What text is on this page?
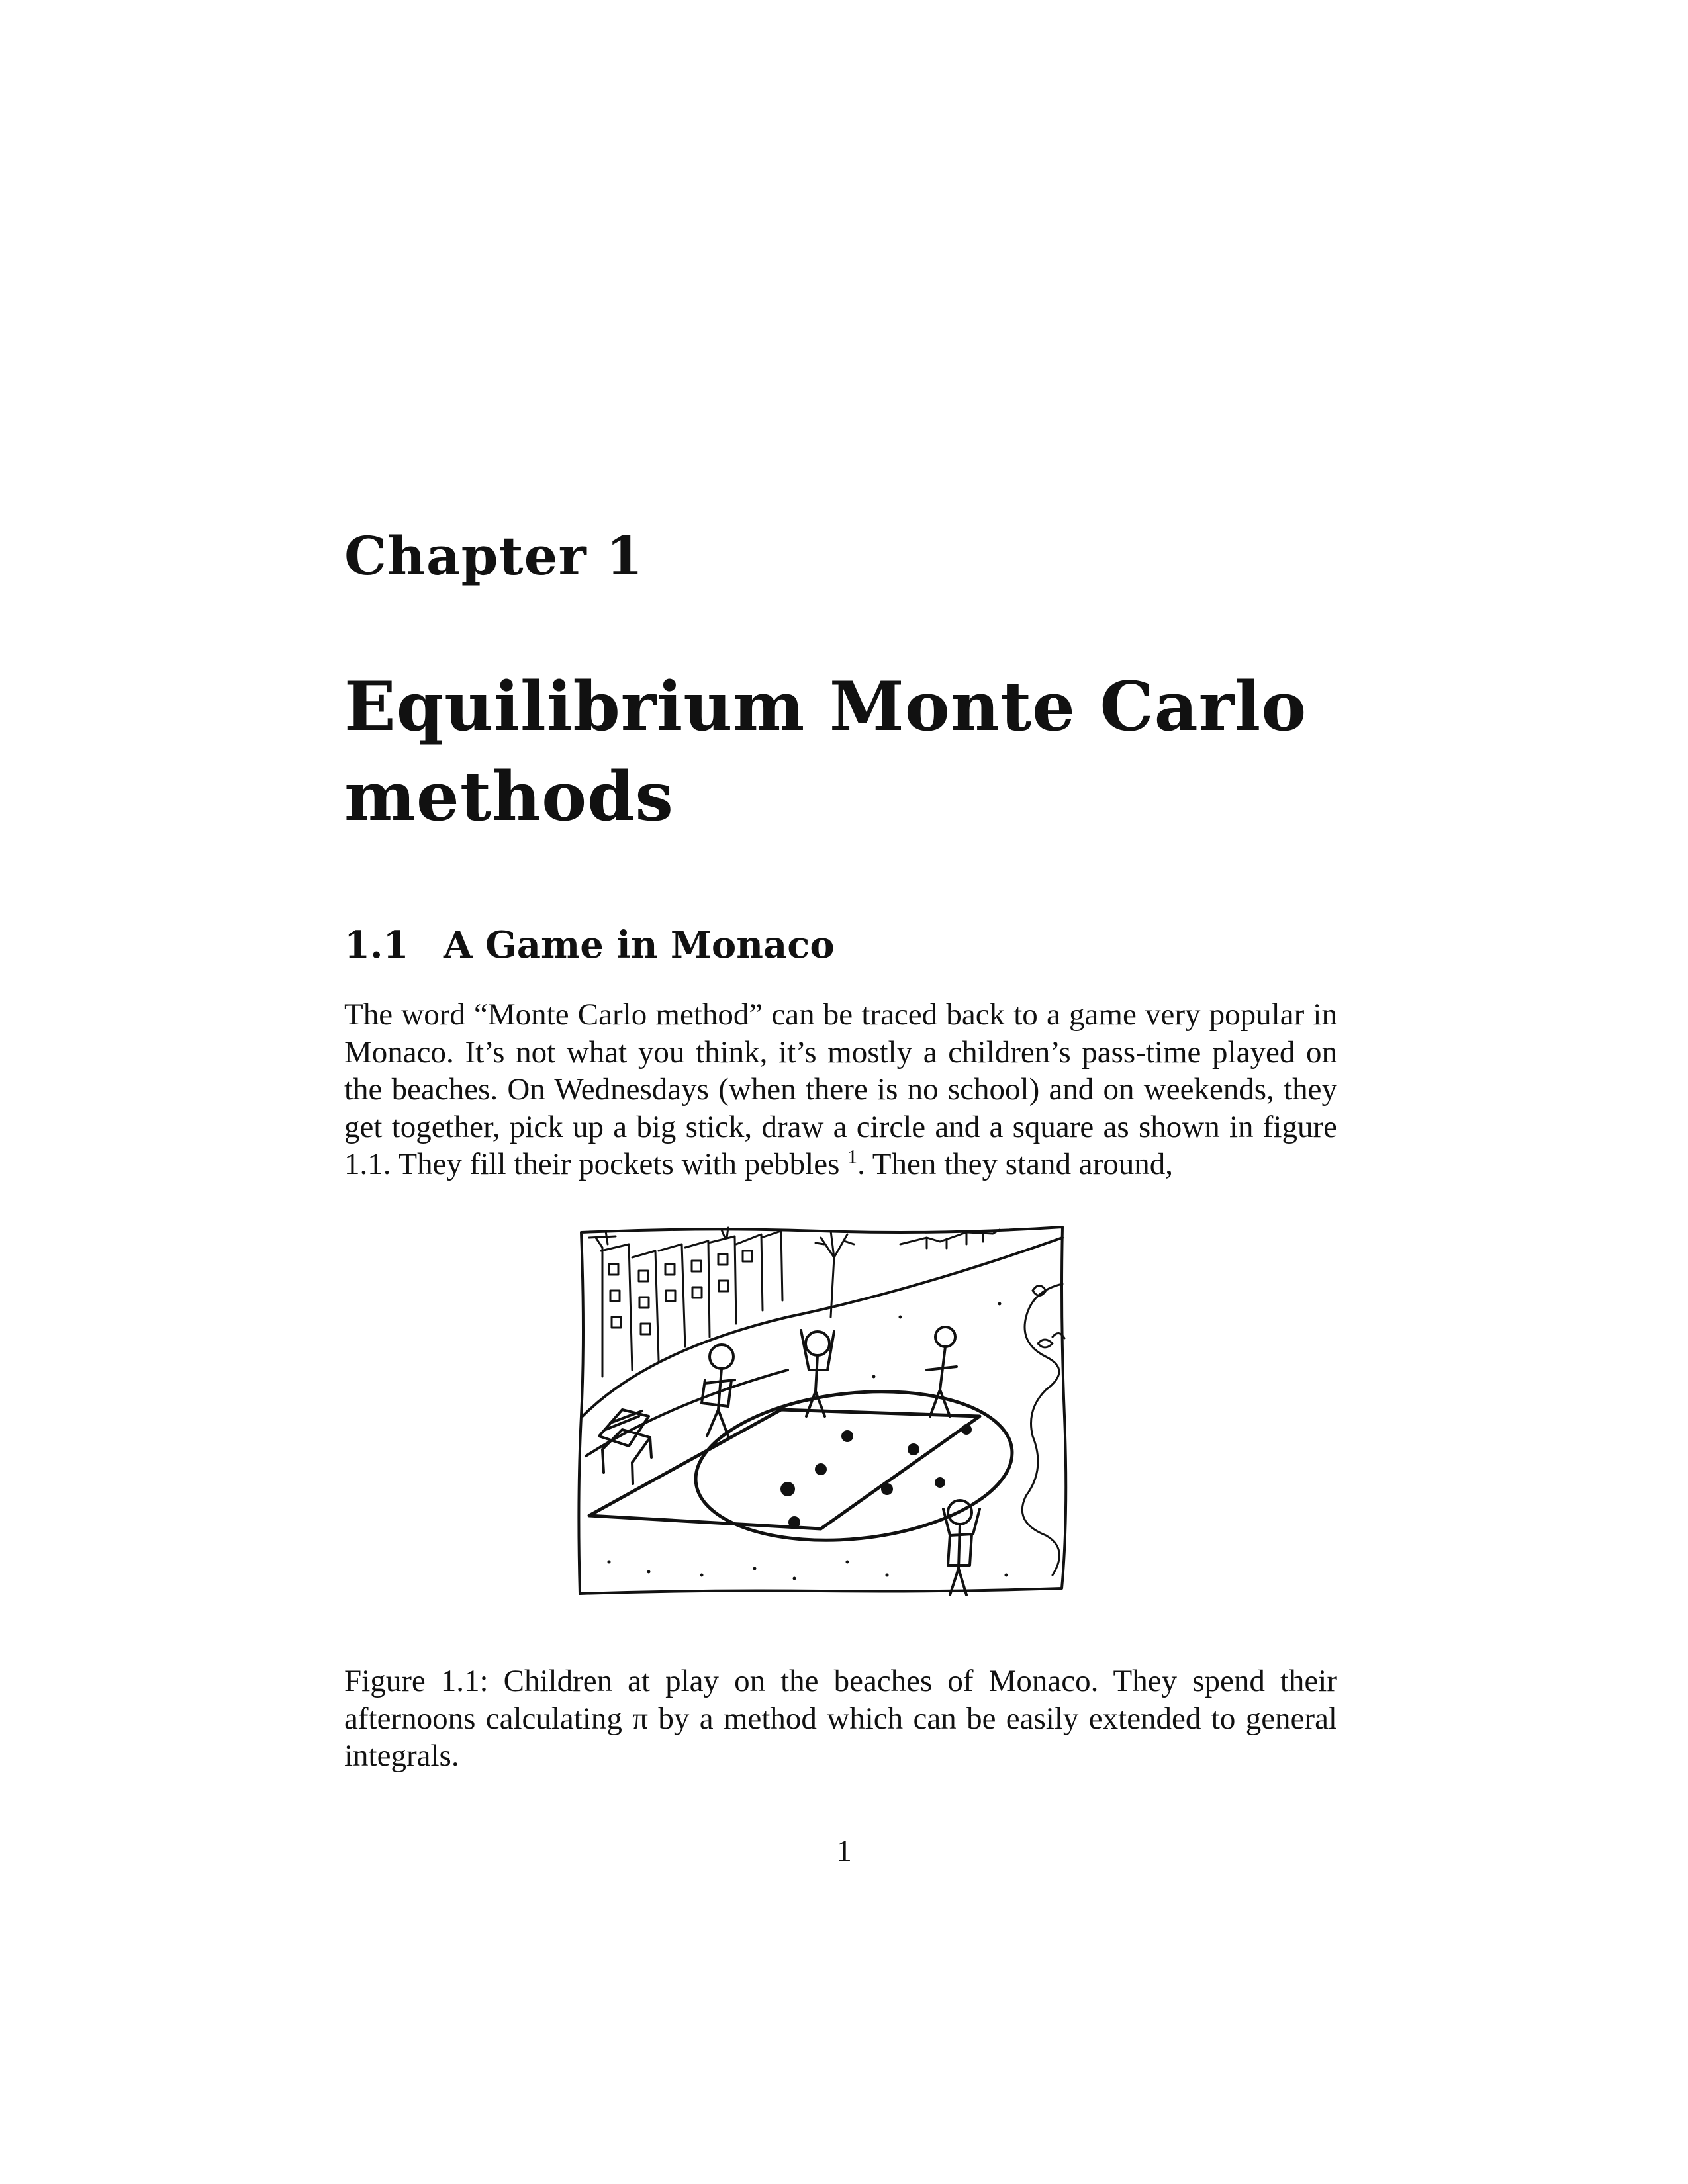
Chapter 1
Equilibrium Monte Carlo methods
1.1 A Game in Monaco

The word “Monte Carlo method” can be traced back to a game very popular in Monaco. It’s not what you think, it’s mostly a children’s pass-time played on the beaches. On Wednesdays (when there is no school) and on weekends, they get together, pick up a big stick, draw a circle and a square as shown in figure 1.1. They fill their pockets with pebbles $^1$. Then they stand around,

Figure 1.1: Children at play on the beaches of Monaco. They spend their afternoons calculating π by a method which can be easily extended to general integrals.

1
